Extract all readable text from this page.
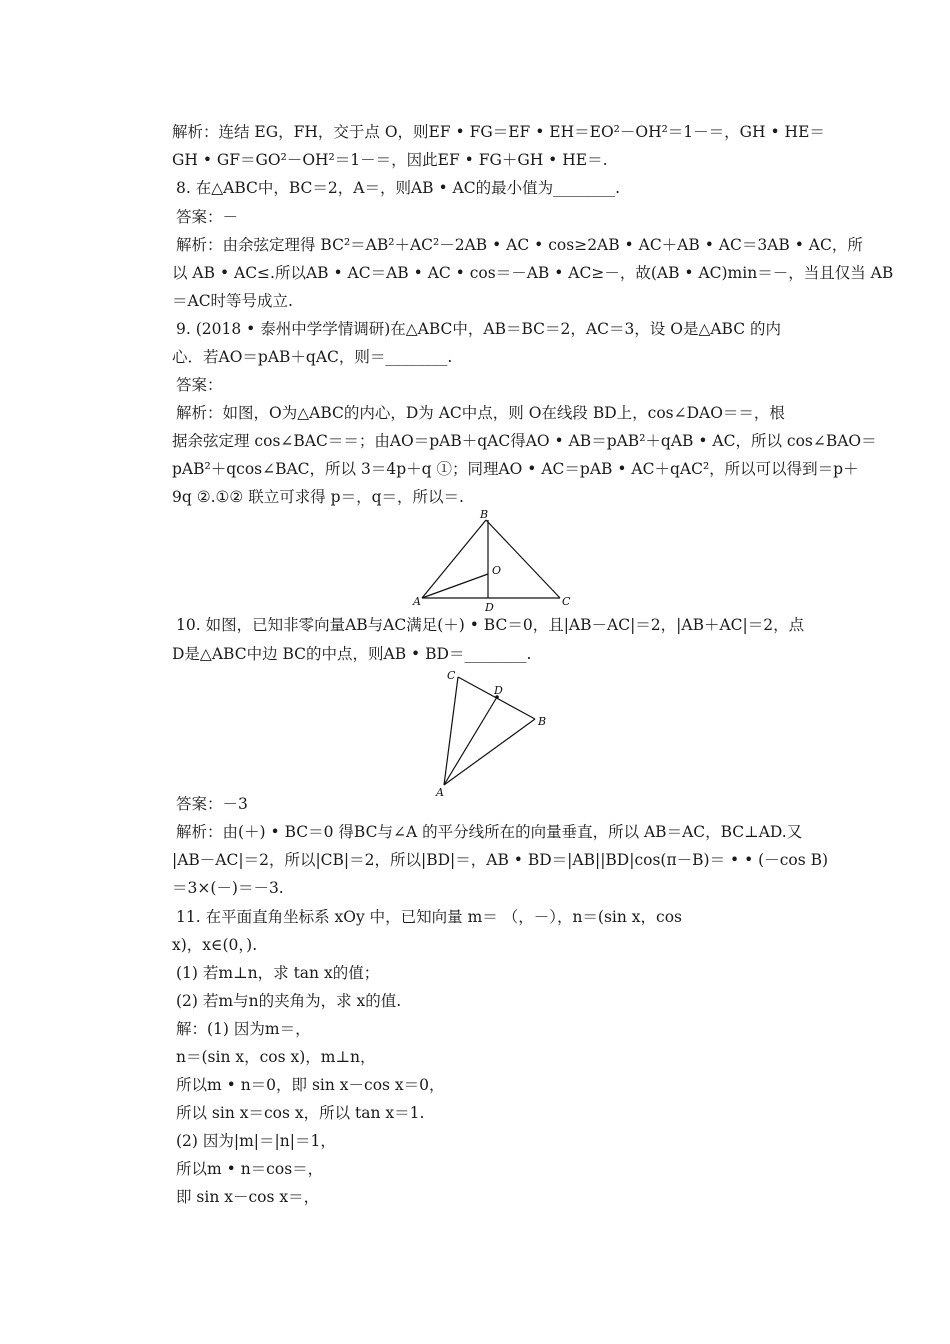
解析：连结 EG，FH，交于点 O，则EF • FG＝EF • EH＝EO²－OH²＝1－＝，GH • HE＝
GH • GF＝GO²－OH²＝1－＝，因此EF • FG＋GH • HE＝.
8. 在△ABC中，BC＝2，A＝，则AB • AC的最小值为________.
答案：－
解析：由余弦定理得 BC²＝AB²＋AC²－2AB • AC • cos≥2AB • AC＋AB • AC＝3AB • AC，所
以 AB • AC≤.所以AB • AC＝AB • AC • cos＝－AB • AC≥－，故(AB • AC)min＝－，当且仅当 AB
＝AC时等号成立.
9. (2018 • 泰州中学学情调研)在△ABC中，AB＝BC＝2，AC＝3，设 O是△ABC 的内
心．若AO＝pAB＋qAC，则＝________.
答案：
解析：如图，O为△ABC的内心，D为 AC中点，则 O在线段 BD上，cos∠DAO＝＝，根
据余弦定理 cos∠BAC＝＝；由AO＝pAB＋qAC得AO • AB＝pAB²＋qAB • AC，所以 cos∠BAO＝
pAB²＋qcos∠BAC，所以 3＝4p＋q ①；同理AO • AC＝pAB • AC＋qAC²，所以可以得到＝p＋
9q ②.①② 联立可求得 p＝，q＝，所以＝.
B
O
A	D	C
10. 如图，已知非零向量AB与AC满足(＋) • BC＝0，且|AB－AC|＝2，|AB＋AC|＝2，点
D是△ABC中边 BC的中点，则AB • BD＝________.
C
D
B
A
答案：－3
解析：由(＋) • BC＝0 得BC与∠A 的平分线所在的向量垂直，所以 AB＝AC，BC⊥AD.又
|AB－AC|＝2，所以|CB|＝2，所以|BD|＝，AB • BD＝|AB||BD|cos(π－B)＝ • • (－cos B)
＝3×(－)＝－3.
11. 在平面直角坐标系 xOy 中，已知向量 m＝ （，－），n＝(sin x，cos
x)，x∈(0，).
(1) 若m⊥n，求 tan x的值；
(2) 若m与n的夹角为，求 x的值.
解：(1) 因为m＝，
n＝(sin x，cos x)，m⊥n，
所以m • n＝0，即 sin x－cos x＝0，
所以 sin x＝cos x，所以 tan x＝1.
(2) 因为|m|＝|n|＝1，
所以m • n＝cos＝，
即 sin x－cos x＝，
